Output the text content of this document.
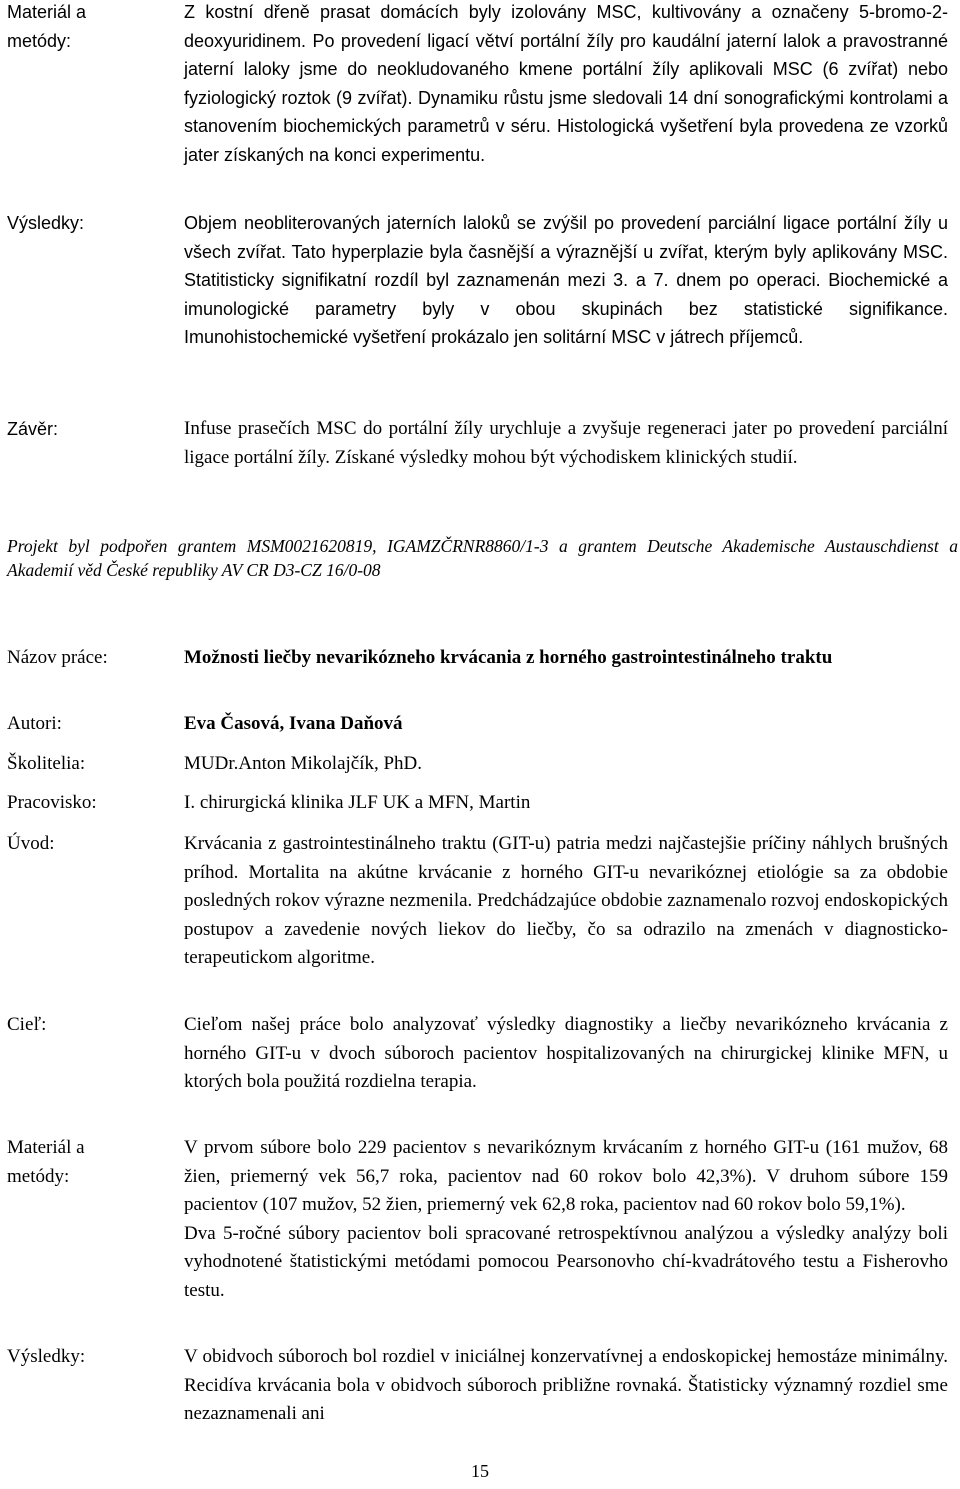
Materiál a metódy:
Z kostní dřeně prasat domácích byly izolovány MSC, kultivovány a označeny 5-bromo-2-deoxyuridinem. Po provedení ligací větví portální žíly pro kaudální jaterní lalok a pravostranné jaterní laloky jsme do neokludovaného kmene portální žíly aplikovali MSC (6 zvířat) nebo fyziologický roztok (9 zvířat). Dynamiku růstu jsme sledovali 14 dní sonografickými kontrolami a stanovením biochemických parametrů v séru. Histologická vyšetření byla provedena ze vzorků jater získaných na konci experimentu.
Výsledky:	Objem neobliterovaných jaterních laloků se zvýšil po provedení parciální ligace portální žíly u všech zvířat. Tato hyperplazie byla časnější a výraznější u zvířat, kterým byly aplikovány MSC. Statitisticky signifikatní rozdíl byl zaznamenán mezi 3. a 7. dnem po operaci. Biochemické a imunologické parametry byly v obou skupinách bez statistické signifikance. Imunohistochemické vyšetření prokázalo jen solitární MSC v játrech příjemců.
Závěr:	Infuse prasečích MSC do portální žíly urychluje a zvyšuje regeneraci jater po provedení parciální ligace portální žíly. Získané výsledky mohou být východiskem klinických studií.
Projekt byl podpořen grantem MSM0021620819, IGAMZČRNR8860/1-3 a grantem Deutsche Akademische Austauschdienst a Akademií věd České republiky AV CR D3-CZ 16/0-08
Názov práce:	Možnosti liečby nevarikózneho krvácania z horného gastrointestinálneho traktu
Autori:	Eva Časová, Ivana Daňová
Školitelia:	MUDr.Anton Mikolajčík, PhD.
Pracovisko:	I. chirurgická klinika JLF UK a MFN, Martin
Úvod:	Krvácania z gastrointestinálneho traktu (GIT-u) patria medzi najčastejšie príčiny náhlych brušných príhod. Mortalita na akútne krvácanie z horného GIT-u nevarikóznej etiológie sa za obdobie posledných rokov výrazne nezmenila. Predchádzajúce obdobie zaznamenalo rozvoj endoskopických postupov a zavedenie nových liekov do liečby, čo sa odrazilo na zmenách v diagnosticko-terapeutickom algoritme.
Cieľ:	Cieľom našej práce bolo analyzovať výsledky diagnostiky a liečby nevarikózneho krvácania z horného GIT-u v dvoch súboroch pacientov hospitalizovaných na chirurgickej klinike MFN, u ktorých bola použitá rozdielna terapia.
Materiál a metódy:

V prvom súbore bolo 229 pacientov s nevarikóznym krvácaním z horného GIT-u (161 mužov, 68 žien, priemerný vek 56,7 roka, pacientov nad 60 rokov bolo 42,3%). V druhom súbore 159 pacientov (107 mužov, 52 žien, priemerný vek 62,8 roka, pacientov nad 60 rokov bolo 59,1%).

Dva 5-ročné súbory pacientov boli spracované retrospektívnou analýzou a výsledky analýzy boli vyhodnotené štatistickými metódami pomocou Pearsonovho chí-kvadrátového testu a Fisherovho testu.

Výsledky:	V obidvoch súboroch bol rozdiel v iniciálnej konzervatívnej a endoskopickej hemostáze minimálny. Recidíva krvácania bola v obidvoch súboroch približne rovnaká. Štatisticky významný rozdiel sme nezaznamenali ani
15
